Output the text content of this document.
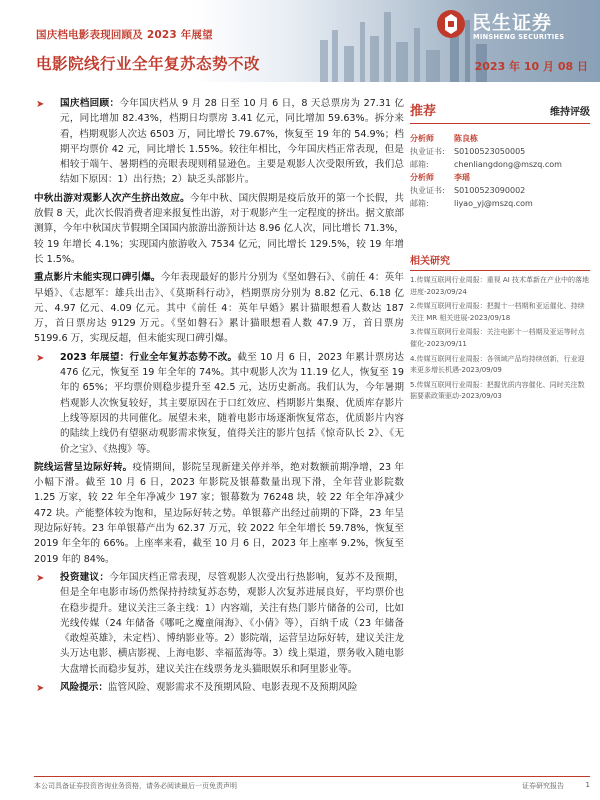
国庆档电影表现回顾及 2023 年展望
电影院线行业全年复苏态势不改	2023 年 10 月 08 日
民生证券
MINSHENG SECURITIES

➤ 国庆档回顾：今年国庆档从 9 月 28 日至 10 月 6 日，8 天总票房为 27.31 亿元，同比增加 82.43%，档期日均票房 3.41 亿元，同比增加 59.63%。拆分来看，档期观影人次达 6503 万，同比增长 79.67%，恢复至 19 年的 54.9%；档期平均票价 42 元，同比增长 1.55%。较往年相比，今年国庆档正常表现，但是相较于端午、暑期档的亮眼表现则稍显逊色。主要是观影人次受限所致，我们总结如下原因：1）出行热；2）缺乏头部影片。

中秋出游对观影人次产生挤出效应。今年中秋、国庆假期是疫后放开的第一个长假，共放假 8 天，此次长假消费者迎来报复性出游，对于观影产生一定程度的挤出。据文旅部测算，今年中秋国庆节假期全国国内旅游出游预计达 8.96 亿人次，同比增长 71.3%，较 19 年增长 4.1%；实现国内旅游收入 7534 亿元，同比增长 129.5%，较 19 年增长 1.5%。

重点影片未能实现口碑引爆。今年表现最好的影片分别为《坚如磐石》、《前任 4：英年早婚》、《志愿军：雄兵出击》、《莫斯科行动》，档期票房分别为 8.82 亿元、6.18 亿元、4.97 亿元、4.09 亿元。其中《前任 4：英年早婚》累计猫眼想看人数达 187 万，首日票房达 9129 万元。《坚如磐石》累计猫眼想看人数 47.9 万，首日票房 5199.6 万，实现反超，但未能实现口碑引爆。

➤ 2023 年展望：行业全年复苏态势不改。截至 10 月 6 日，2023 年累计票房达 476 亿元，恢复至 19 年全年的 74%。其中观影人次为 11.19 亿人，恢复至 19 年的 65%；平均票价则稳步提升至 42.5 元，达历史新高。我们认为，今年暑期档观影人次恢复较好，其主要原因在于口红效应、档期影片集聚、优质库存影片上线等原因的共同催化。展望未来，随着电影市场逐渐恢复常态，优质影片内容的陆续上线仍有望驱动观影需求恢复，值得关注的影片包括《惊奇队长 2》、《无价之宝》、《热搜》等。

院线运营呈边际好转。疫情期间，影院呈现新建关停并举，绝对数额前期净增，23 年小幅下滑。截至 10 月 6 日，2023 年影院及银幕数量出现下滑，全年营业影院数 1.25 万家，较 22 年全年净减少 197 家；银幕数为 76248 块，较 22 年全年净减少 472 块。产能整体较为饱和，星边际好转之势。单银幕产出经过前期的下降，23 年呈现边际好转。23 年单银幕产出为 62.37 万元，较 2022 年全年增长 59.78%，恢复至 2019 年全年的 66%。上座率来看，截至 10 月 6 日，2023 年上座率 9.2%，恢复至 2019 年的 84%。

➤ 投资建议：今年国庆档正常表现，尽管观影人次受出行热影响，复苏不及预期，但是全年电影市场仍然保持持续复苏态势，观影人次复苏进展良好，平均票价也在稳步提升。建议关注三条主线：1）内容端，关注有热门影片储备的公司，比如光线传媒（24 年储备《哪吒之魔童闹海》、《小倩》等），百纳千成（23 年储备《敢煌英雄》，未定档）、博纳影业等。2）影院端，运营呈边际好转，建议关注龙头万达电影、横店影视、上海电影、幸福蓝海等。3）线上渠道，票务收入随电影大盘增长而稳步复苏，建议关注在线票务龙头猫眼娱乐和阿里影业等。

➤ 风险提示：监管风险、观影需求不及预期风险、电影表现不及预期风险

推荐	维持评级
分析师	陈良栋
执业证书:	S0100523050005
邮箱:	chenliangdong@mszq.com
分析师	李瑶
执业证书:	S0100523090002
邮箱:	liyao_yj@mszq.com
相关研究
1.传媒互联网行业周报：重视 AI 技术革新在产业中的落地进度-2023/09/24
2.传媒互联网行业周报：把握十一档期和亚运催化、持续关注 MR 相关进展-2023/09/18
3.传媒互联网行业周报：关注电影十一档期及亚运等时点催化-2023/09/11
4.传媒互联网行业周报：各领域产品均持续创新，行业迎来更多增长机遇-2023/09/09
5.传媒互联网行业周报：把握优质内容催化、同时关注数据要素政策驱动-2023/09/03
本公司具备证券投资咨询业务资格，请务必阅读最后一页免责声明	证券研究报告	1
